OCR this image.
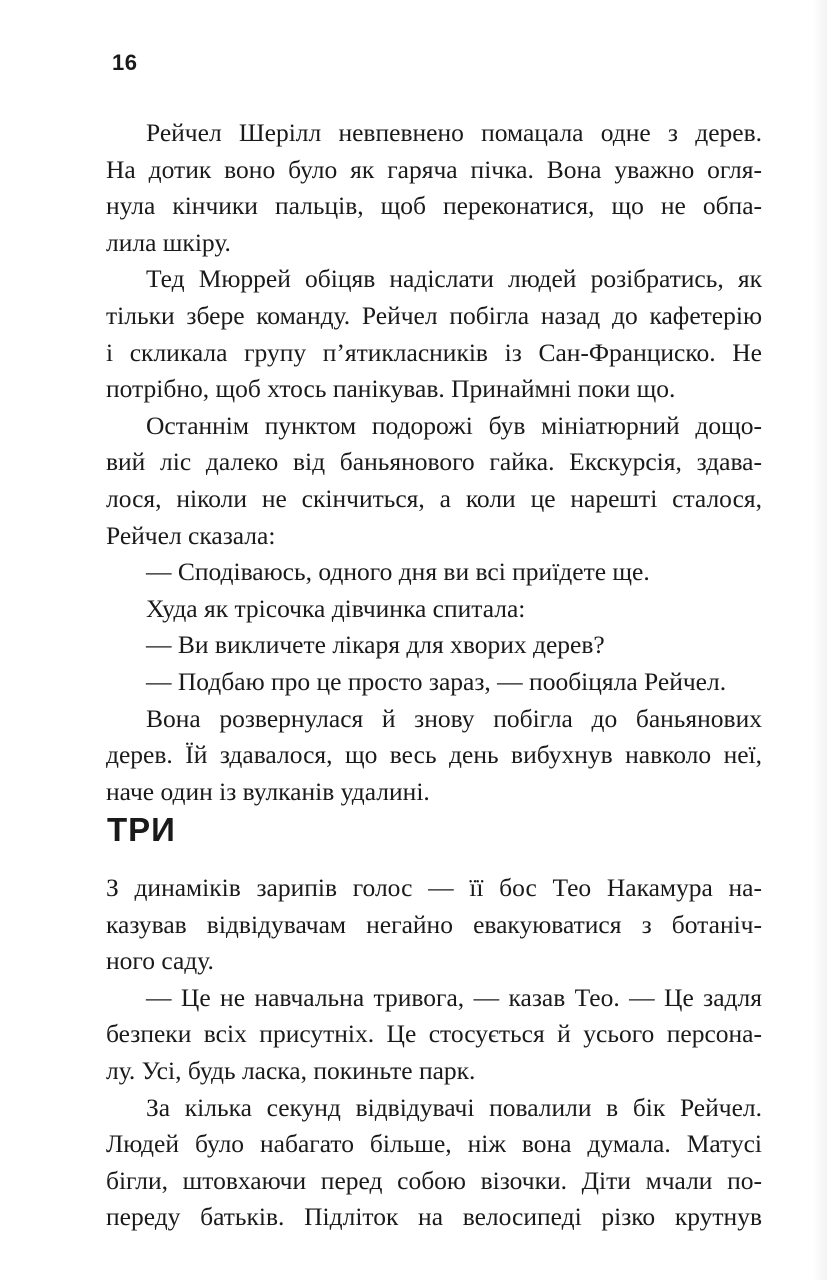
16

Рейчел Шерілл невпевнено помацала одне з дерев.
На дотик воно було як гаряча пічка. Вона уважно огля-
нула кінчики пальців, щоб переконатися, що не обпа-
лила шкіру.

Тед Мюррей обіцяв надіслати людей розібратись, як
тільки збере команду. Рейчел побігла назад до кафетерію
і скликала групу п’ятикласників із Сан-Франциско. Не
потрібно, щоб хтось панікував. Принаймні поки що.

Останнім пунктом подорожі був мініатюрний дощо-
вий ліс далеко від баньянового гайка. Екскурсія, здава-
лося, ніколи не скінчиться, а коли це нарешті сталося,
Рейчел сказала:

— Сподіваюсь, одного дня ви всі приїдете ще.

Худа як трісочка дівчинка спитала:

— Ви викличете лікаря для хворих дерев?

— Подбаю про це просто зараз, — пообіцяла Рейчел.

Вона розвернулася й знову побігла до баньянових
дерев. Їй здавалося, що весь день вибухнув навколо неї,
наче один із вулканів удалині.

ТРИ

З динаміків зарипів голос — її бос Тео Накамура на-
казував відвідувачам негайно евакуюватися з ботаніч-
ного саду.

— Це не навчальна тривога, — казав Тео. — Це задля
безпеки всіх присутніх. Це стосується й усього персона-
лу. Усі, будь ласка, покиньте парк.

За кілька секунд відвідувачі повалили в бік Рейчел.
Людей було набагато більше, ніж вона думала. Матусі
бігли, штовхаючи перед собою візочки. Діти мчали по-
переду батьків. Підліток на велосипеді різко крутнув
